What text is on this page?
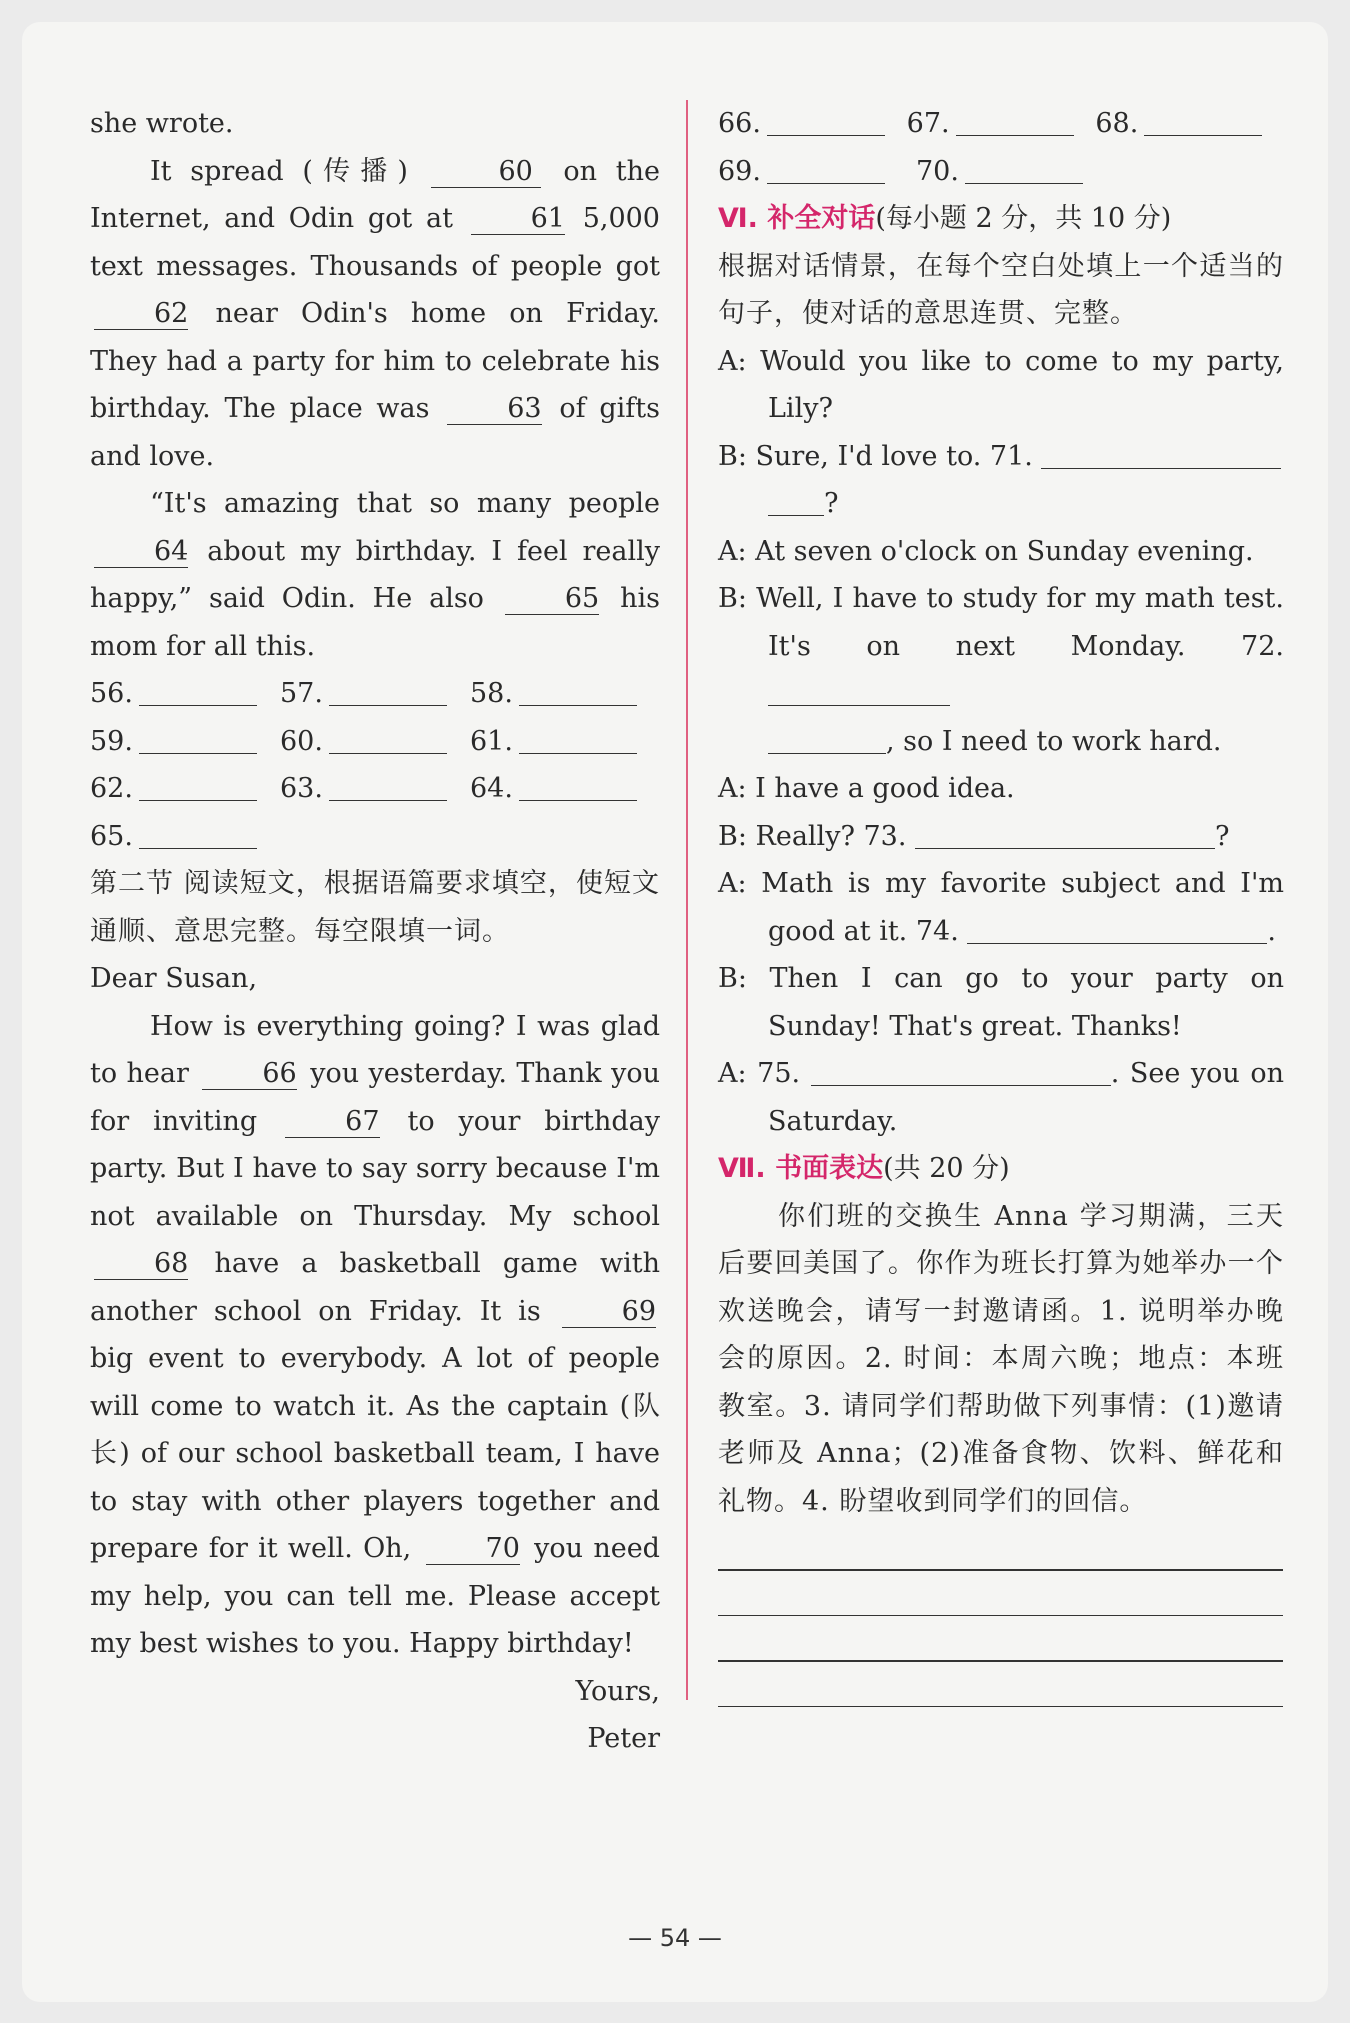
she wrote.

It spread (传播)	60 on the Internet, and Odin got at	61 5,000 text messages. Thousands of people got 62 near Odin's home on Friday. They had a party for him to celebrate his birthday. The place was	63 of gifts and love.

“It's amazing that so many people 64 about my birthday. I feel really happy,” said Odin. He also	65 his mom for all this.

56.	57.	58.
59.	60.	61.
62.	63.	64.
65.

第二节 阅读短文，根据语篇要求填空，使短文通顺、意思完整。每空限填一词。

Dear Susan,

How is everything going? I was glad to hear	66 you yesterday. Thank you for inviting	67 to your birthday party. But I have to say sorry because I'm not available on Thursday. My school 68 have a basketball game with another school on Friday. It is	69 big event to everybody. A lot of people will come to watch it. As the captain (队长) of our school basketball team, I have to stay with other players together and prepare for it well. Oh,	70 you need my help, you can tell me. Please accept my best wishes to you. Happy birthday!

Yours,

Peter

66.	67.	68.
69.	70.

Ⅵ. 补全对话(每小题 2 分，共 10 分)

根据对话情景，在每个空白处填上一个适当的句子，使对话的意思连贯、完整。

A: Would you like to come to my party, Lily?

B: Sure, I'd love to. 71.
?

A: At seven o'clock on Sunday evening.

B: Well, I have to study for my math test. It's on next Monday. 72.
, so I need to work hard.

A: I have a good idea.

B: Really? 73.	?

A: Math is my favorite subject and I'm good at it. 74.	.

B: Then I can go to your party on Sunday! That's great. Thanks!

A: 75.	. See you on Saturday.

Ⅶ. 书面表达(共 20 分)

你们班的交换生 Anna 学习期满，三天后要回美国了。你作为班长打算为她举办一个欢送晚会，请写一封邀请函。1. 说明举办晚会的原因。2. 时间：本周六晚；地点：本班教室。3. 请同学们帮助做下列事情：(1)邀请老师及 Anna；(2)准备食物、饮料、鲜花和礼物。4. 盼望收到同学们的回信。

— 54 —
